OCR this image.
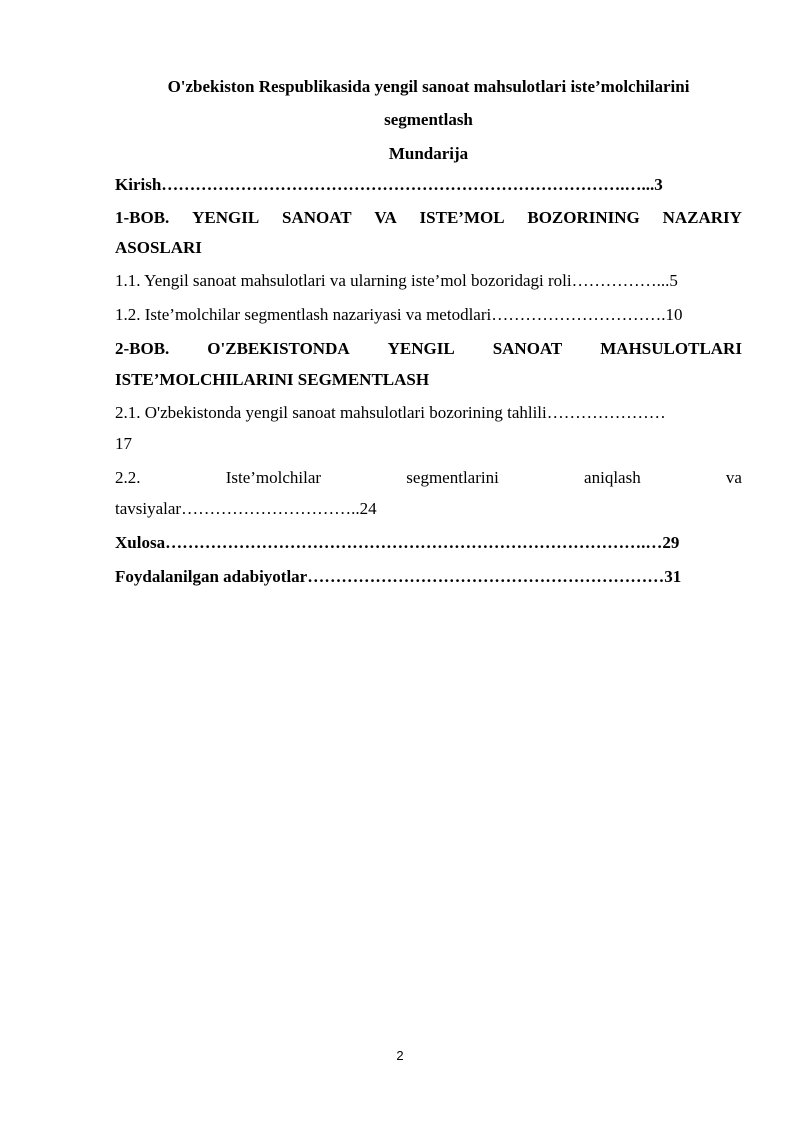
O'zbekiston Respublikasida yengil sanoat mahsulotlari iste’molchilarini
segmentlash
Mundarija
Kirish……………………………………………………………………….…...3
1-BOB. YENGIL SANOAT VA ISTE’MOL BOZORINING NAZARIY
ASOSLARI
1.1. Yengil sanoat mahsulotlari va ularning iste’mol bozoridagi roli……………...5
1.2. Iste’molchilar segmentlash nazariyasi va metodlari………………………….10
2-BOB. O'ZBEKISTONDA YENGIL SANOAT MAHSULOTLARI
ISTE’MOLCHILARINI SEGMENTLASH
2.1. O'zbekistonda yengil sanoat mahsulotlari bozorining tahlili…………………
17
2.2.	Iste’molchilar	segmentlarini	aniqlash	va
tavsiyalar…………………………..24
Xulosa………………………………………………………………………….…29
Foydalanilgan adabiyotlar………………………………………………………31
2
